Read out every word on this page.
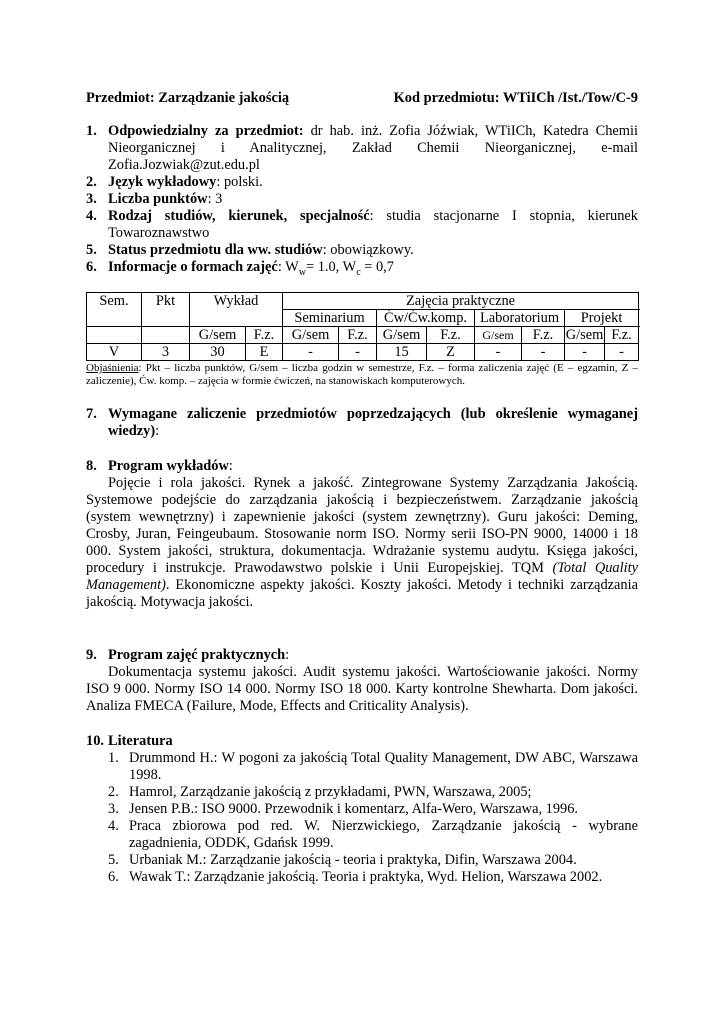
Przedmiot: Zarządzanie jakością	Kod przedmiotu: WTiICh /Ist./Tow/C-9
1. Odpowiedzialny za przedmiot: dr hab. inż. Zofia Jóźwiak, WTiICh, Katedra Chemii Nieorganicznej i Analitycznej, Zakład Chemii Nieorganicznej, e-mail Zofia.Jozwiak@zut.edu.pl
2. Język wykładowy: polski.
3. Liczba punktów: 3
4. Rodzaj studiów, kierunek, specjalność: studia stacjonarne I stopnia, kierunek Towaroznawstwo
5. Status przedmiotu dla ww. studiów: obowiązkowy.
6. Informacje o formach zajęć: $W_w= 1.0$, $W_c = 0,7$
Sem.	Pkt	Wykład		Zajęcia praktyczne							
				Seminarium		Ćw/Ćw.komp.		Laboratorium		Projekt	
		G/sem	F.z.	G/sem	F.z.	G/sem	F.z.	G/sem	F.z.	G/sem	F.z.
V	3	30	E	-	-	15	Z	-	-	-	-
Objaśnienia: Pkt – liczba punktów, G/sem – liczba godzin w semestrze, F.z. – forma zaliczenia zajęć (E – egzamin, Z – zaliczenie), Ćw. komp. – zajęcia w formie ćwiczeń, na stanowiskach komputerowych.
7. Wymagane zaliczenie przedmiotów poprzedzających (lub określenie wymaganej wiedzy):
8. Program wykładów:
Pojęcie i rola jakości. Rynek a jakość. Zintegrowane Systemy Zarządzania Jakością. Systemowe podejście do zarządzania jakością i bezpieczeństwem. Zarządzanie jakością (system wewnętrzny) i zapewnienie jakości (system zewnętrzny). Guru jakości: Deming, Crosby, Juran, Feingeubaum. Stosowanie norm ISO. Normy serii ISO-PN 9000, 14000 i 18 000. System jakości, struktura, dokumentacja. Wdrażanie systemu audytu. Księga jakości, procedury i instrukcje. Prawodawstwo polskie i Unii Europejskiej. TQM (Total Quality Management). Ekonomiczne aspekty jakości. Koszty jakości. Metody i techniki zarządzania jakością. Motywacja jakości.
9. Program zajęć praktycznych:
Dokumentacja systemu jakości. Audit systemu jakości. Wartościowanie jakości. Normy ISO 9 000. Normy ISO 14 000. Normy ISO 18 000. Karty kontrolne Shewharta. Dom jakości. Analiza FMECA (Failure, Mode, Effects and Criticality Analysis).
10. Literatura
1. Drummond H.: W pogoni za jakością Total Quality Management, DW ABC, Warszawa 1998.
2. Hamrol, Zarządzanie jakością z przykładami, PWN, Warszawa, 2005;
3. Jensen P.B.: ISO 9000. Przewodnik i komentarz, Alfa-Wero, Warszawa, 1996.
4. Praca zbiorowa pod red. W. Nierzwickiego, Zarządzanie jakością - wybrane zagadnienia, ODDK, Gdańsk 1999.
5. Urbaniak M.: Zarządzanie jakością - teoria i praktyka, Difin, Warszawa 2004.
6. Wawak T.: Zarządzanie jakością. Teoria i praktyka, Wyd. Helion, Warszawa 2002.
